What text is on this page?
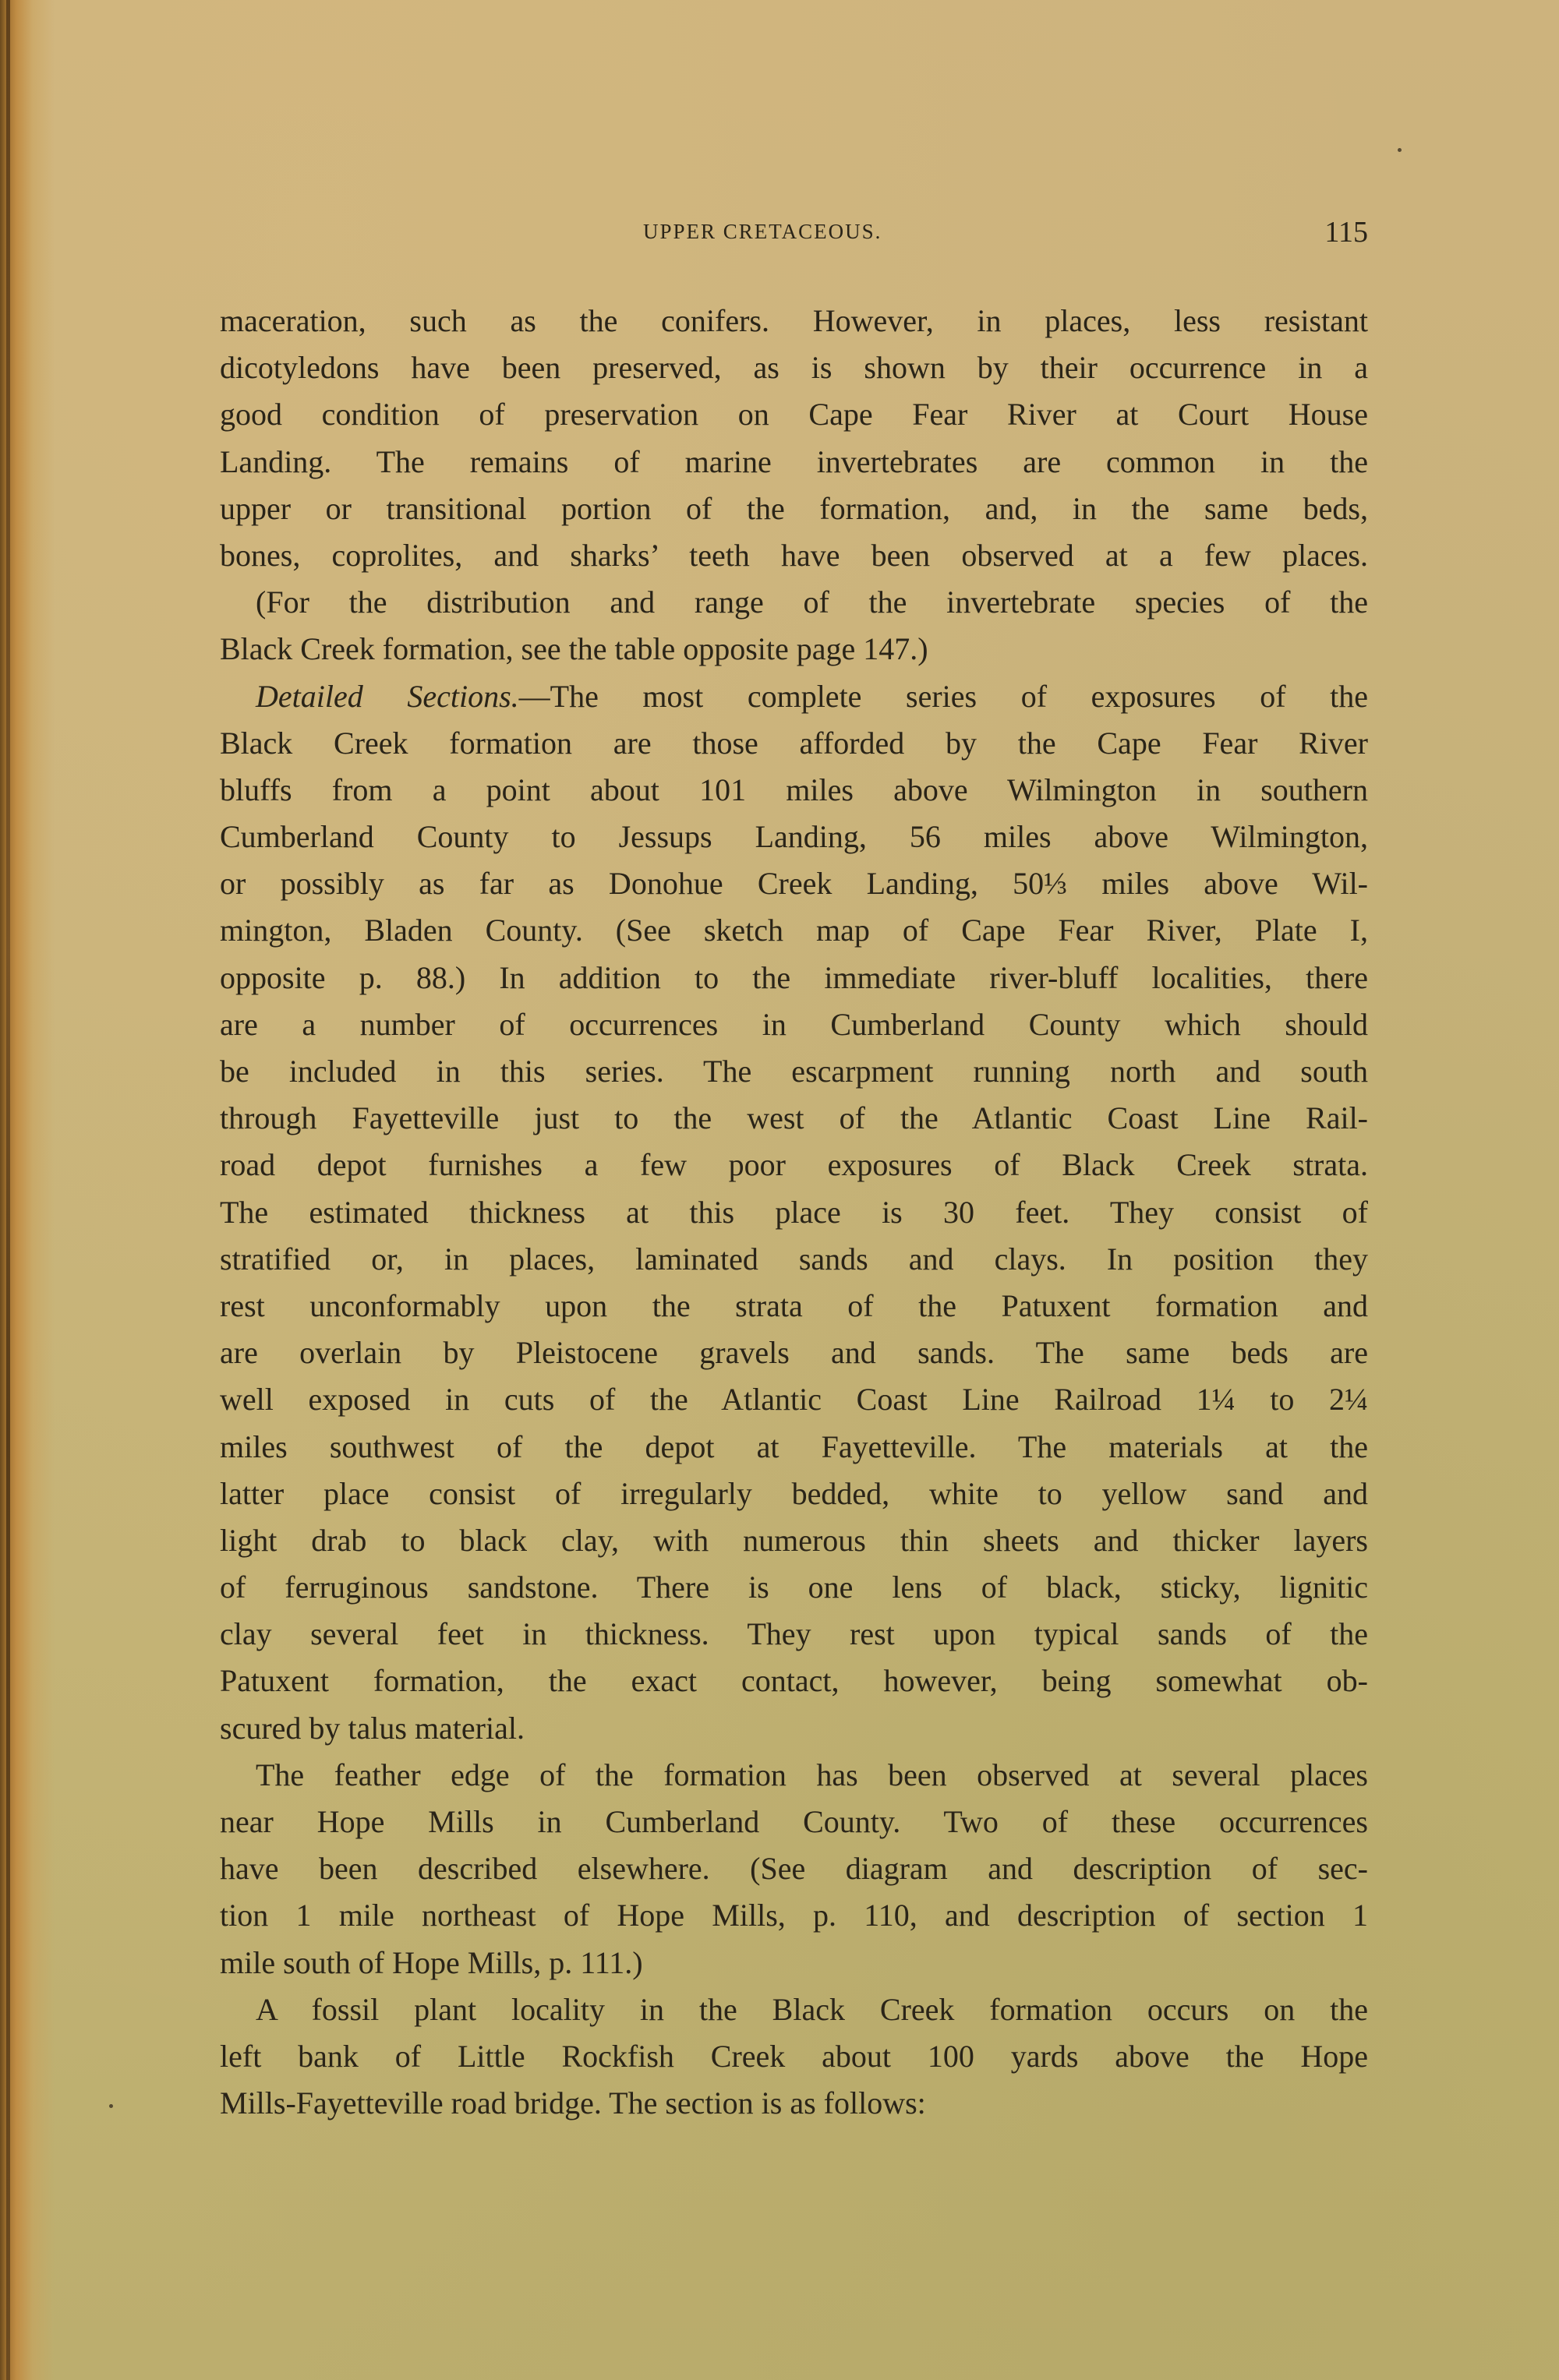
UPPER CRETACEOUS.	115
maceration, such as the conifers. However, in places, less resistant
dicotyledons have been preserved, as is shown by their occurrence in a
good condition of preservation on Cape Fear River at Court House
Landing. The remains of marine invertebrates are common in the
upper or transitional portion of the formation, and, in the same beds,
bones, coprolites, and sharks’ teeth have been observed at a few places.
(For the distribution and range of the invertebrate species of the
Black Creek formation, see the table opposite page 147.)
Detailed Sections.—The most complete series of exposures of the
Black Creek formation are those afforded by the Cape Fear River
bluffs from a point about 101 miles above Wilmington in southern
Cumberland County to Jessups Landing, 56 miles above Wilmington,
or possibly as far as Donohue Creek Landing, 50⅓ miles above Wil-
mington, Bladen County. (See sketch map of Cape Fear River, Plate I,
opposite p. 88.) In addition to the immediate river-bluff localities, there
are a number of occurrences in Cumberland County which should
be included in this series. The escarpment running north and south
through Fayetteville just to the west of the Atlantic Coast Line Rail-
road depot furnishes a few poor exposures of Black Creek strata.
The estimated thickness at this place is 30 feet. They consist of
stratified or, in places, laminated sands and clays. In position they
rest unconformably upon the strata of the Patuxent formation and
are overlain by Pleistocene gravels and sands. The same beds are
well exposed in cuts of the Atlantic Coast Line Railroad 1¼ to 2¼
miles southwest of the depot at Fayetteville. The materials at the
latter place consist of irregularly bedded, white to yellow sand and
light drab to black clay, with numerous thin sheets and thicker layers
of ferruginous sandstone. There is one lens of black, sticky, lignitic
clay several feet in thickness. They rest upon typical sands of the
Patuxent formation, the exact contact, however, being somewhat ob-
scured by talus material.
The feather edge of the formation has been observed at several places
near Hope Mills in Cumberland County. Two of these occurrences
have been described elsewhere. (See diagram and description of sec-
tion 1 mile northeast of Hope Mills, p. 110, and description of section 1
mile south of Hope Mills, p. 111.)
A fossil plant locality in the Black Creek formation occurs on the
left bank of Little Rockfish Creek about 100 yards above the Hope
Mills-Fayetteville road bridge. The section is as follows:
